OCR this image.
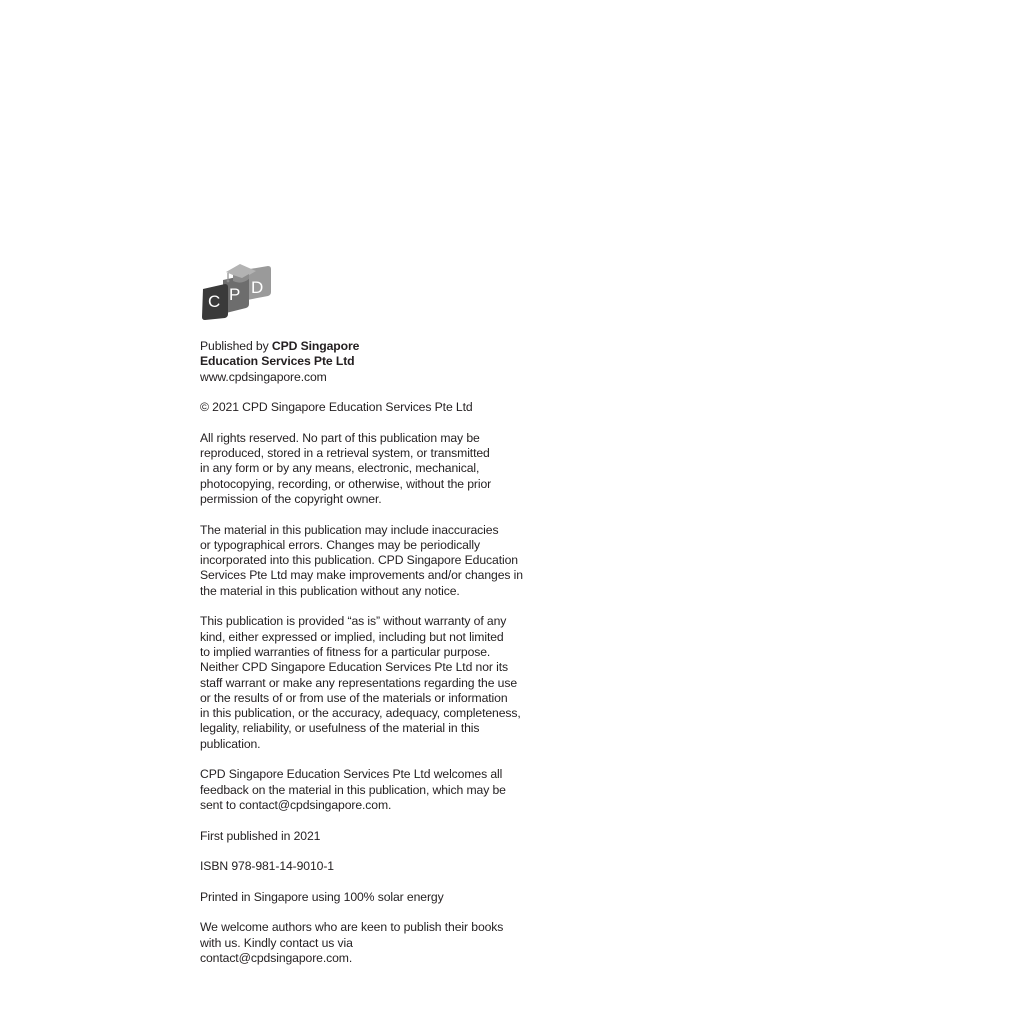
C P D
Published by CPD Singapore
Education Services Pte Ltd
www.cpdsingapore.com
© 2021 CPD Singapore Education Services Pte Ltd
All rights reserved. No part of this publication may be
reproduced, stored in a retrieval system, or transmitted
in any form or by any means, electronic, mechanical,
photocopying, recording, or otherwise, without the prior
permission of the copyright owner.
The material in this publication may include inaccuracies
or typographical errors. Changes may be periodically
incorporated into this publication. CPD Singapore Education
Services Pte Ltd may make improvements and/or changes in
the material in this publication without any notice.
This publication is provided “as is” without warranty of any
kind, either expressed or implied, including but not limited
to implied warranties of fitness for a particular purpose.
Neither CPD Singapore Education Services Pte Ltd nor its
staff warrant or make any representations regarding the use
or the results of or from use of the materials or information
in this publication, or the accuracy, adequacy, completeness,
legality, reliability, or usefulness of the material in this
publication.
CPD Singapore Education Services Pte Ltd welcomes all
feedback on the material in this publication, which may be
sent to contact@cpdsingapore.com.
First published in 2021
ISBN 978-981-14-9010-1
Printed in Singapore using 100% solar energy
We welcome authors who are keen to publish their books
with us. Kindly contact us via
contact@cpdsingapore.com.
